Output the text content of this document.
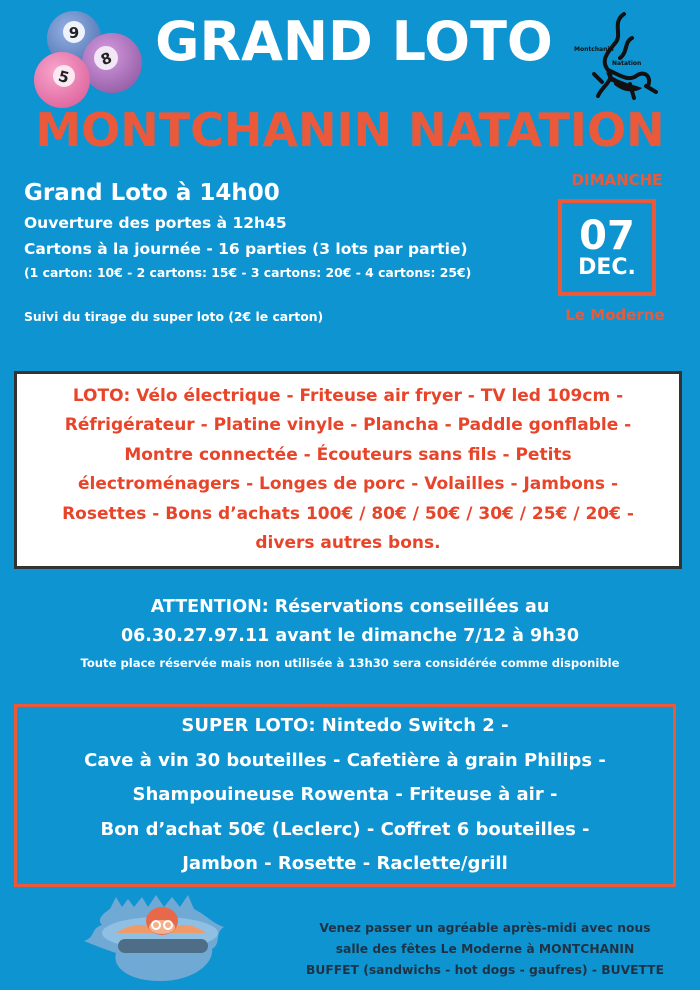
9
8
5
GRAND LOTO	Montchanin
Natation
MONTCHANIN NATATION
Grand Loto à 14h00
Ouverture des portes à 12h45
Cartons à la journée - 16 parties (3 lots par partie)
(1 carton: 10€ - 2 cartons: 15€ - 3 cartons: 20€ - 4 cartons: 25€)
Suivi du tirage du super loto (2€ le carton)
DIMANCHE
07
DEC.
Le Moderne
LOTO: Vélo électrique - Friteuse air fryer - TV led 109cm -
Réfrigérateur - Platine vinyle - Plancha - Paddle gonflable -
Montre connectée - Écouteurs sans fils - Petits
électroménagers - Longes de porc - Volailles - Jambons -
Rosettes - Bons d’achats 100€ / 80€ / 50€ / 30€ / 25€ / 20€ -
divers autres bons.
ATTENTION: Réservations conseillées au
06.30.27.97.11 avant le dimanche 7/12 à 9h30
Toute place réservée mais non utilisée à 13h30 sera considérée comme disponible
SUPER LOTO: Nintedo Switch 2 -
Cave à vin 30 bouteilles - Cafetière à grain Philips -
Shampouineuse Rowenta - Friteuse à air -
Bon d’achat 50€ (Leclerc) - Coffret 6 bouteilles -
Jambon - Rosette - Raclette/grill
Venez passer un agréable après-midi avec nous
salle des fêtes Le Moderne à MONTCHANIN
BUFFET (sandwichs - hot dogs - gaufres) - BUVETTE
